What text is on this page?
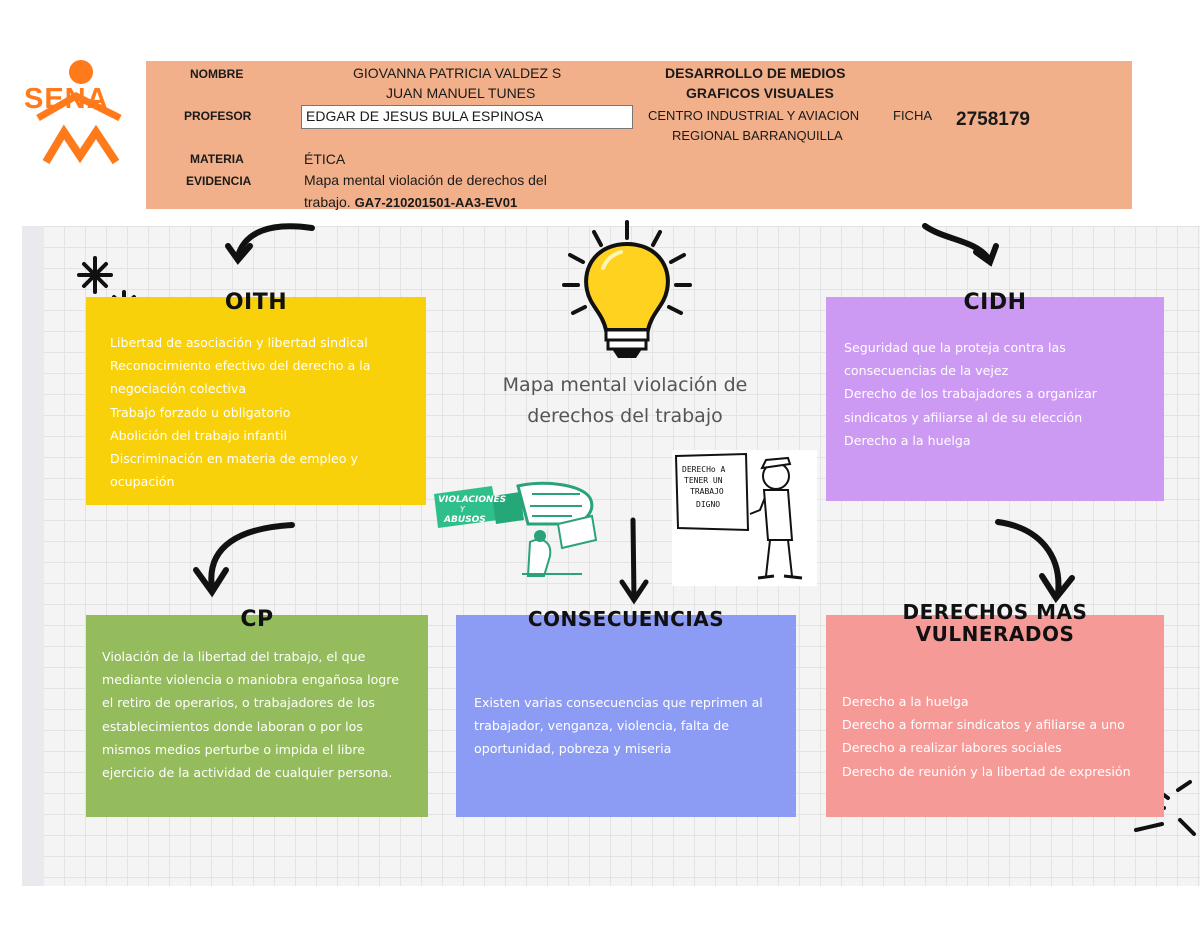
SENA
NOMBRE	GIOVANNA PATRICIA VALDEZ S
JUAN MANUEL TUNES
PROFESOR	EDGAR DE JESUS BULA ESPINOSA
MATERIA	ÉTICA
EVIDENCIA	Mapa mental violación de derechos del
trabajo. GA7-210201501-AA3-EV01
DESARROLLO DE MEDIOS
GRAFICOS VISUALES
CENTRO INDUSTRIAL Y AVIACION
REGIONAL BARRANQUILLA
FICHA 2758179
VIOLACIONES
Y
ABUSOS
DERECHo A
TENER UN
TRABAJO
DIGNO
Mapa mental violación de
derechos del trabajo
OITH
Libertad de asociación y libertad sindical
Reconocimiento efectivo del derecho a la
negociación colectiva
Trabajo forzado u obligatorio
Abolición del trabajo infantil
Discriminación en materia de empleo y
ocupación
CIDH
Seguridad que la proteja contra las
consecuencias de la vejez
Derecho de los trabajadores a organizar
sindicatos y afiliarse al de su elección
Derecho a la huelga
CP
Violación de la libertad del trabajo, el que
mediante violencia o maniobra engañosa logre
el retiro de operarios, o trabajadores de los
establecimientos donde laboran o por los
mismos medios perturbe o impida el libre
ejercicio de la actividad de cualquier persona.
CONSECUENCIAS
Existen varias consecuencias que reprimen al
trabajador, venganza, violencia, falta de
oportunidad, pobreza y miseria
DERECHOS MAS
VULNERADOS
Derecho a la huelga
Derecho a formar sindicatos y afiliarse a uno
Derecho a realizar labores sociales
Derecho de reunión y la libertad de expresión
